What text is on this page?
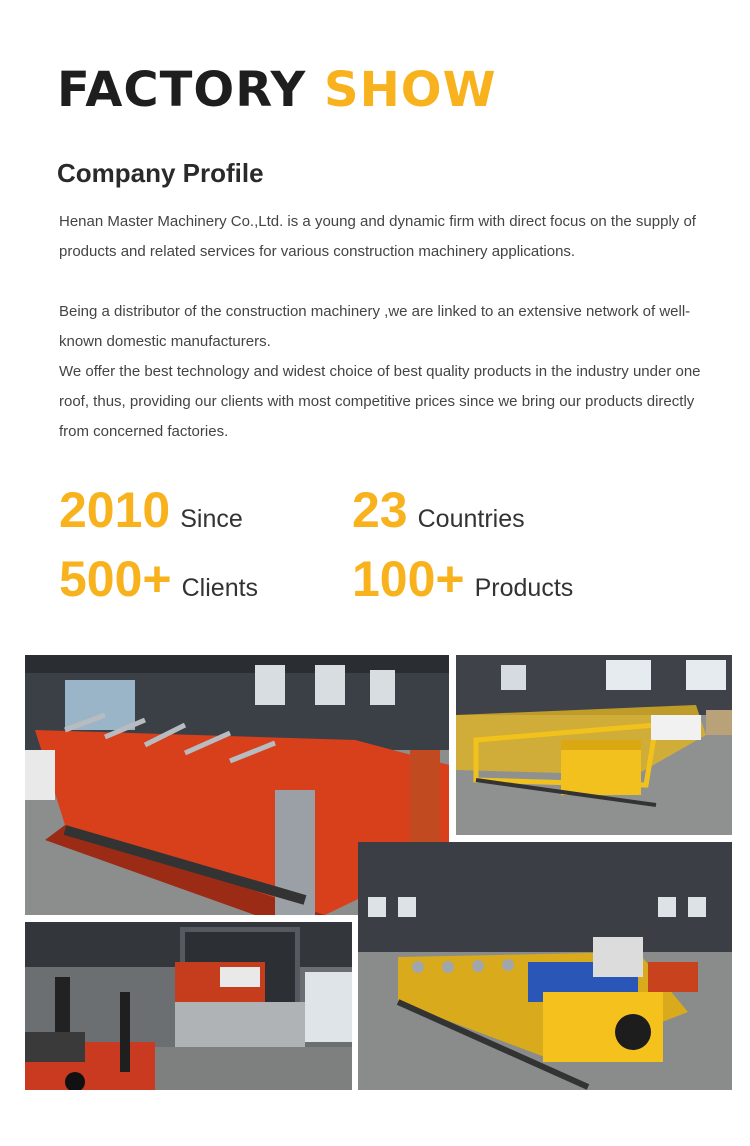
FACTORY SHOW
Company Profile

Henan Master Machinery Co.,Ltd. is a young and dynamic firm with direct focus on the supply of products and related services for various construction machinery applications.

Being a distributor of the construction machinery ,we are linked to an extensive network of well-known domestic manufacturers.

We offer the best technology and widest choice of best quality products in the industry under one roof, thus, providing our clients with most competitive prices since we bring our products directly from concerned factories.

2010 Since 23 Countries
500+ Clients 100+ Products
